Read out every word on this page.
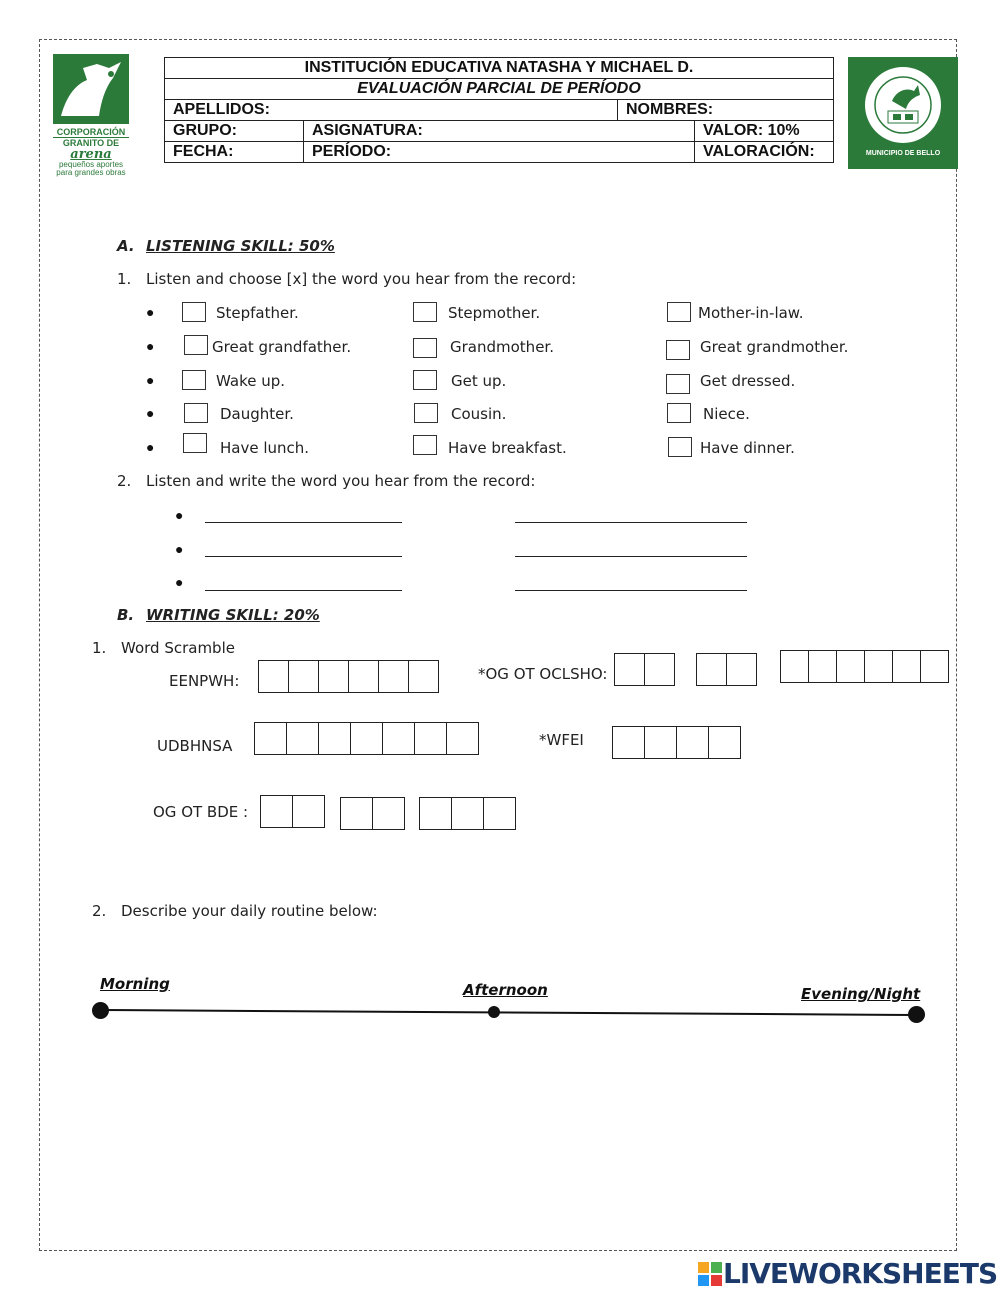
CORPORACIÓN
GRANITO DE
arena
pequeños aportes
para grandes obras
INSTITUCIÓN EDUCATIVA NATASHA Y MICHAEL D.			
EVALUACIÓN PARCIAL DE PERÍODO			
APELLIDOS:		NOMBRES:	
GRUPO:	ASIGNATURA:		VALOR: 10%
FECHA:	PERÍODO:		VALORACIÓN:	MUNICIPIO DE BELLO
A. LISTENING SKILL: 50%
1. Listen and choose [x] the word you hear from the record:
●	Stepfather.	Stepmother.	Mother-in-law.
●	Great grandfather.	Grandmother.	Great grandmother.
●	Wake up.	Get up.	Get dressed.
●	Daughter.	Cousin.	Niece.
●	Have lunch.	Have breakfast.	Have dinner.
2. Listen and write the word you hear from the record:
●
●
●
B. WRITING SKILL: 20%
1. Word Scramble
EENPWH:	*OG OT OCLSHO:
UDBHNSA	*WFEI
OG OT BDE :
2. Describe your daily routine below:
Morning	Afternoon	Evening/Night
LIVEWORKSHEETS
